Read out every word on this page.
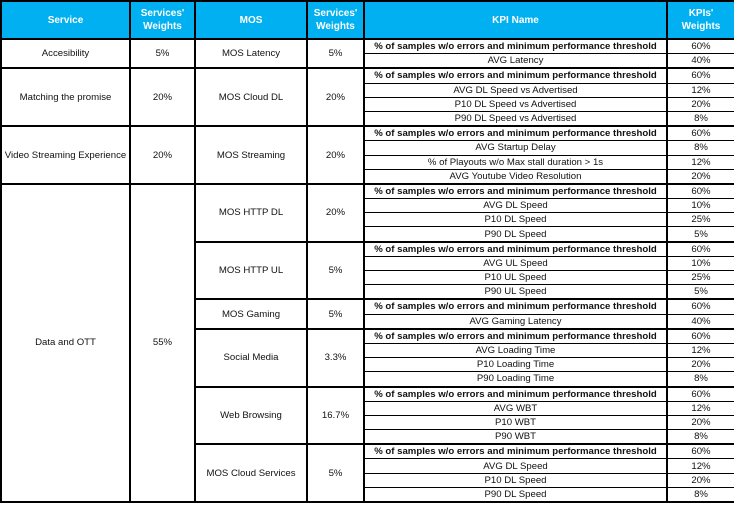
Service	Services' Weights	MOS	Services' Weights	KPI Name	KPIs' Weights
Accesibility	5%	MOS Latency	5%	% of samples w/o errors and minimum performance threshold	60%
				AVG Latency	40%
Matching the promise	20%	MOS Cloud DL	20%	% of samples w/o errors and minimum performance threshold	60%
				AVG DL Speed vs Advertised	12%
				P10 DL Speed vs Advertised	20%
				P90 DL Speed vs Advertised	8%
Video Streaming Experience	20%	MOS Streaming	20%	% of samples w/o errors and minimum performance threshold	60%
				AVG Startup Delay	8%
				% of Playouts w/o Max stall duration > 1s	12%
				AVG Youtube Video Resolution	20%
Data and OTT	55%	MOS HTTP DL	20%	% of samples w/o errors and minimum performance threshold	60%
				AVG DL Speed	10%
				P10 DL Speed	25%
				P90 DL Speed	5%
		MOS HTTP UL	5%	% of samples w/o errors and minimum performance threshold	60%
				AVG UL Speed	10%
				P10 UL Speed	25%
				P90 UL Speed	5%
		MOS Gaming	5%	% of samples w/o errors and minimum performance threshold	60%
				AVG Gaming Latency	40%
		Social Media	3.3%	% of samples w/o errors and minimum performance threshold	60%
				AVG Loading Time	12%
				P10 Loading Time	20%
				P90 Loading Time	8%
		Web Browsing	16.7%	% of samples w/o errors and minimum performance threshold	60%
				AVG WBT	12%
				P10 WBT	20%
				P90 WBT	8%
		MOS Cloud Services	5%	% of samples w/o errors and minimum performance threshold	60%
				AVG DL Speed	12%
				P10 DL Speed	20%
				P90 DL Speed	8%
